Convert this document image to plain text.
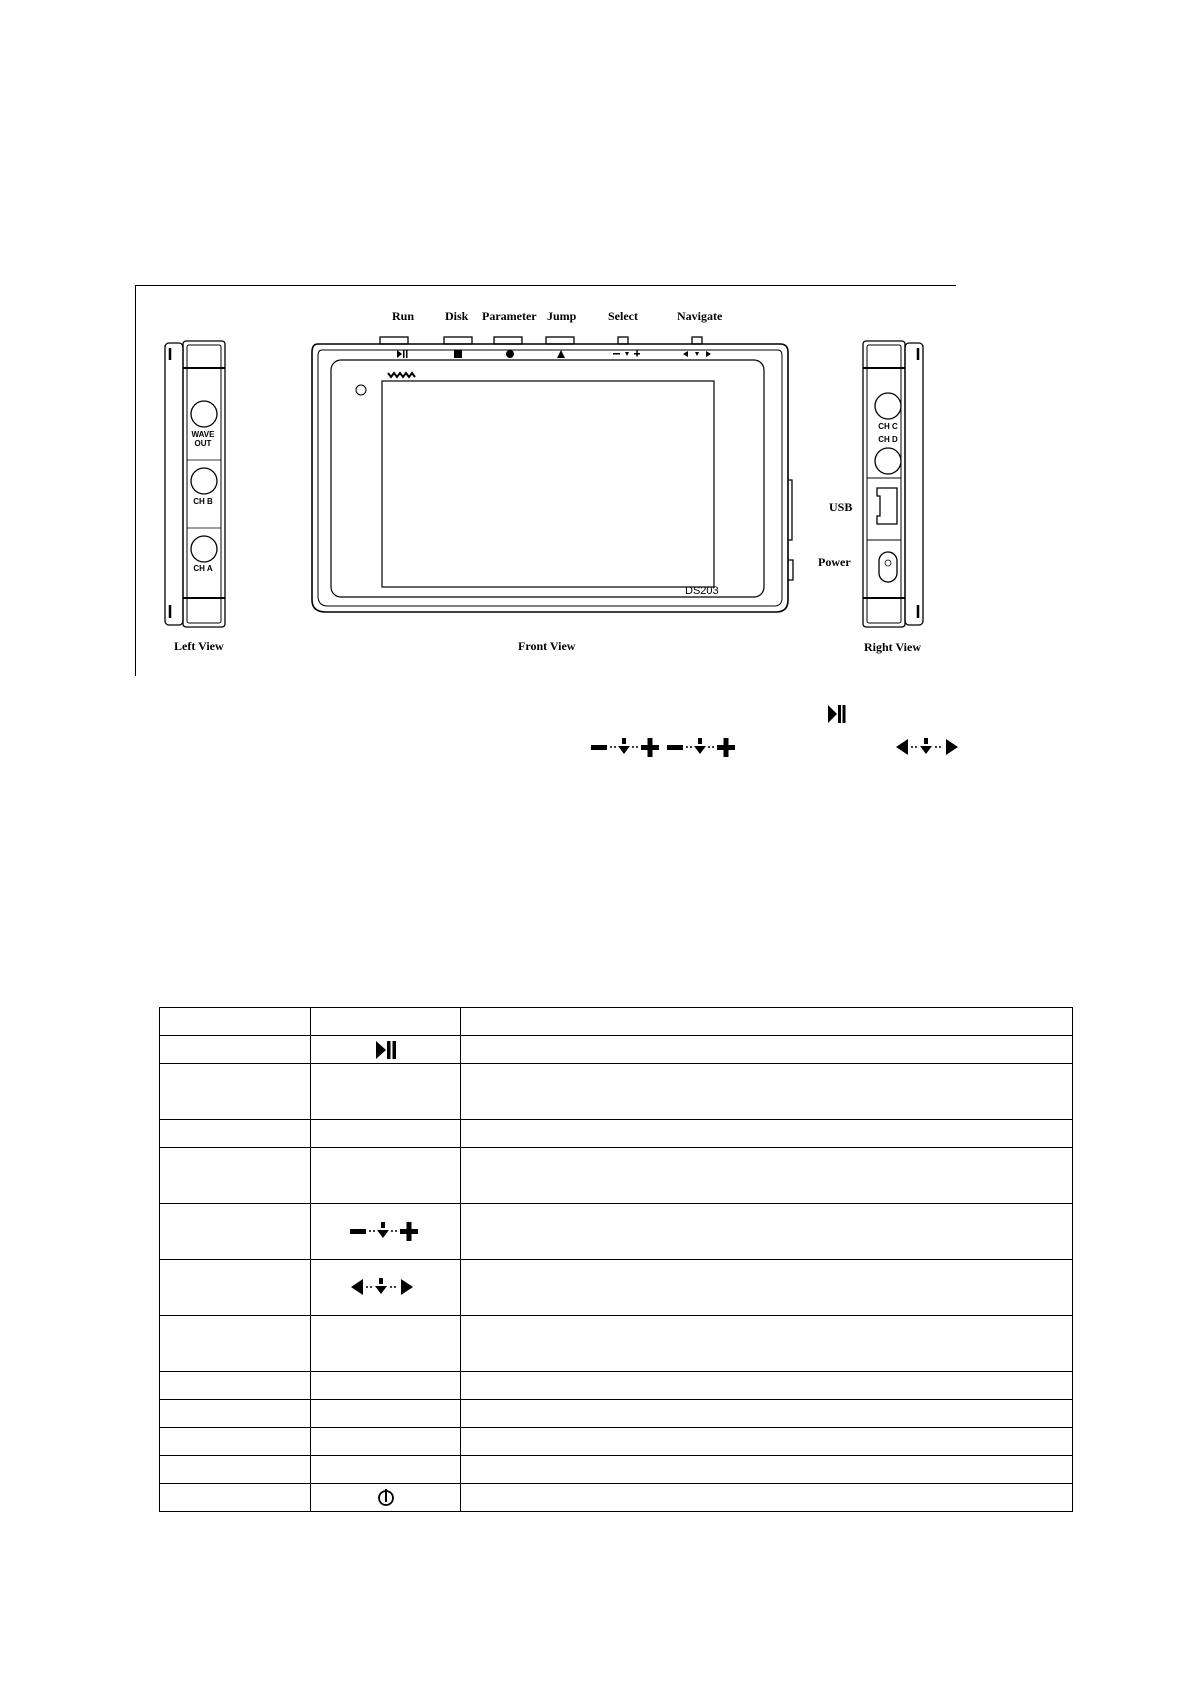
Run	Disk Parameter Jump	Select	Navigate
USB
Power
Left View	Front View	Right View
DS203
WAVE
OUT
CH B
CH A
CH C
CH D
